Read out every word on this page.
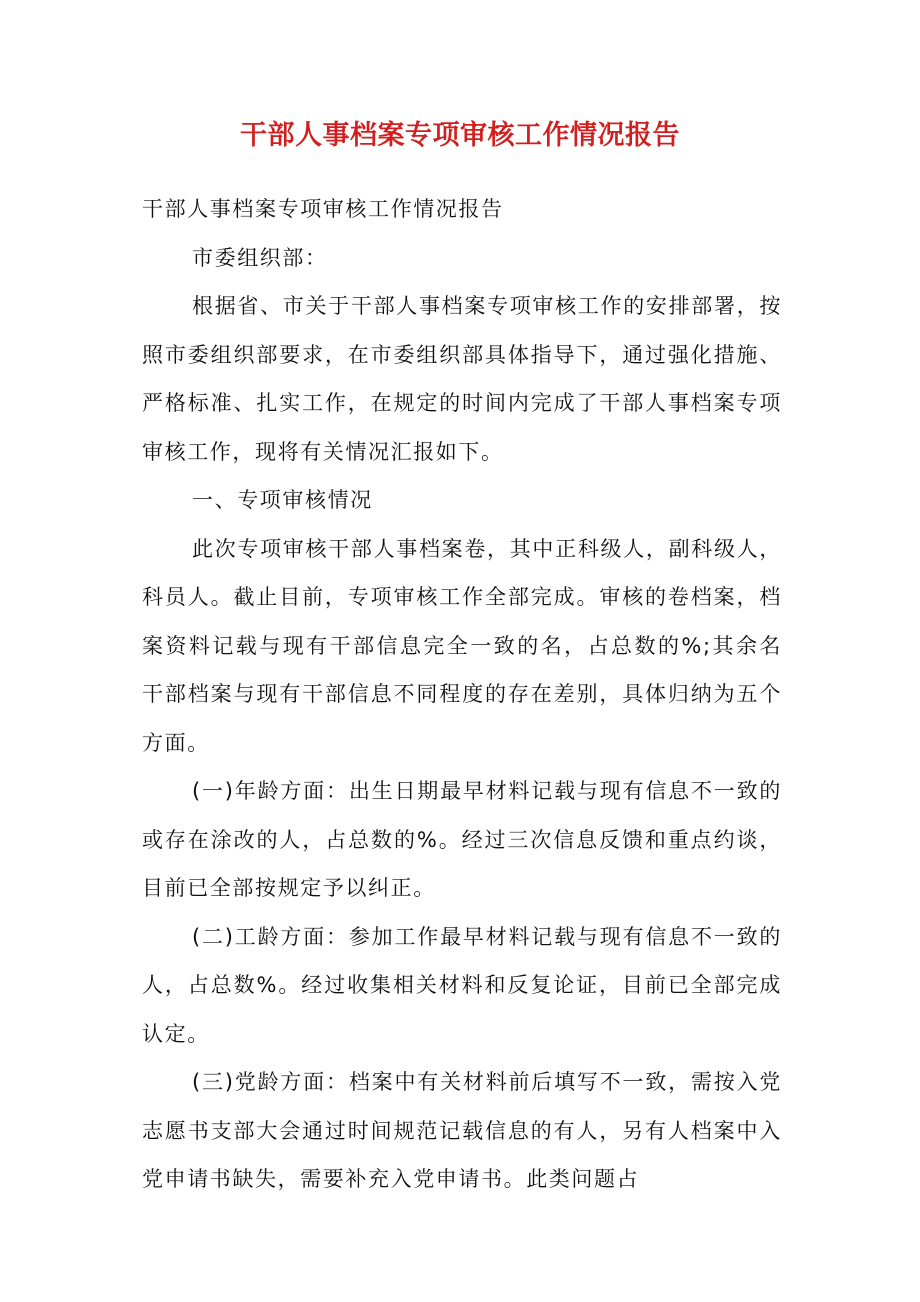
干部人事档案专项审核工作情况报告

干部人事档案专项审核工作情况报告

市委组织部：

根据省、市关于干部人事档案专项审核工作的安排部署，按照市委组织部要求，在市委组织部具体指导下，通过强化措施、严格标准、扎实工作，在规定的时间内完成了干部人事档案专项审核工作，现将有关情况汇报如下。

一、专项审核情况

此次专项审核干部人事档案卷，其中正科级人，副科级人，科员人。截止目前，专项审核工作全部完成。审核的卷档案，档案资料记载与现有干部信息完全一致的名，占总数的%;其余名干部档案与现有干部信息不同程度的存在差别，具体归纳为五个方面。

(一)年龄方面：出生日期最早材料记载与现有信息不一致的或存在涂改的人，占总数的%。经过三次信息反馈和重点约谈，目前已全部按规定予以纠正。

(二)工龄方面：参加工作最早材料记载与现有信息不一致的人，占总数%。经过收集相关材料和反复论证，目前已全部完成认定。

(三)党龄方面：档案中有关材料前后填写不一致，需按入党志愿书支部大会通过时间规范记载信息的有人，另有人档案中入党申请书缺失，需要补充入党申请书。此类问题占
